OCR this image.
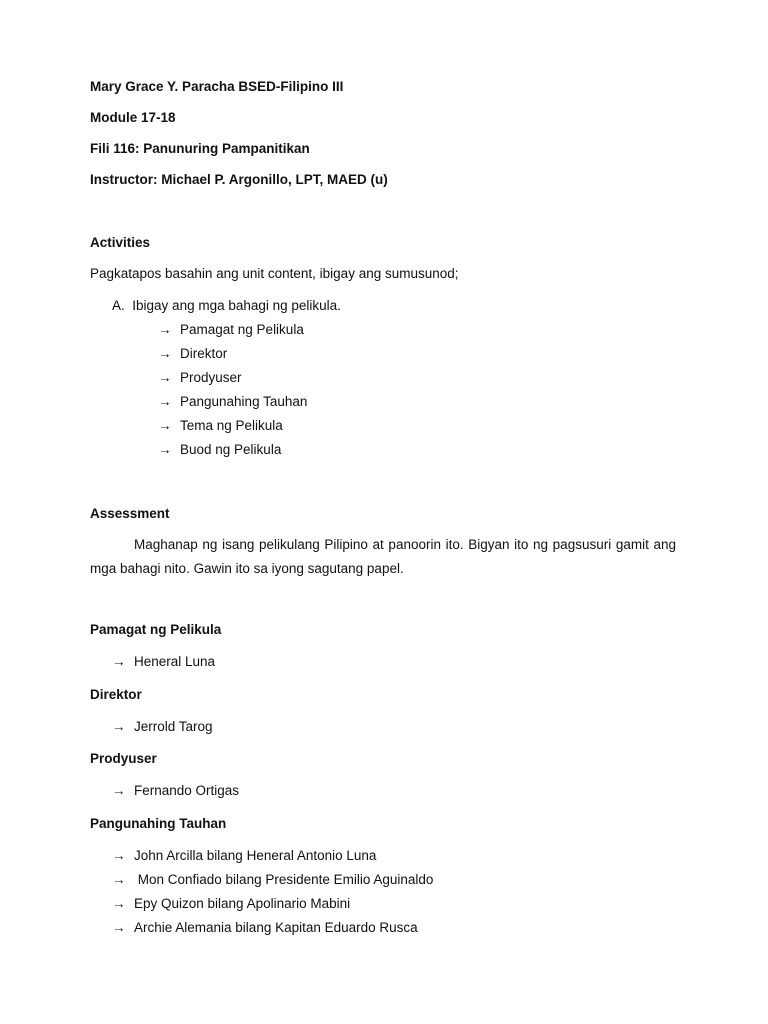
Mary Grace Y. Paracha BSED-Filipino III
Module 17-18
Fili 116: Panunuring Pampanitikan
Instructor: Michael P. Argonillo, LPT, MAED (u)
Activities
Pagkatapos basahin ang unit content, ibigay ang sumusunod;
A. Ibigay ang mga bahagi ng pelikula.
→ Pamagat ng Pelikula
→ Direktor
→ Prodyuser
→ Pangunahing Tauhan
→ Tema ng Pelikula
→ Buod ng Pelikula
Assessment
Maghanap ng isang pelikulang Pilipino at panoorin ito. Bigyan ito ng pagsusuri gamit ang mga bahagi nito. Gawin ito sa iyong sagutang papel.
Pamagat ng Pelikula
→ Heneral Luna
Direktor
→ Jerrold Tarog
Prodyuser
→ Fernando Ortigas
Pangunahing Tauhan
→ John Arcilla bilang Heneral Antonio Luna
→ Mon Confiado bilang Presidente Emilio Aguinaldo
→ Epy Quizon bilang Apolinario Mabini
→ Archie Alemania bilang Kapitan Eduardo Rusca
